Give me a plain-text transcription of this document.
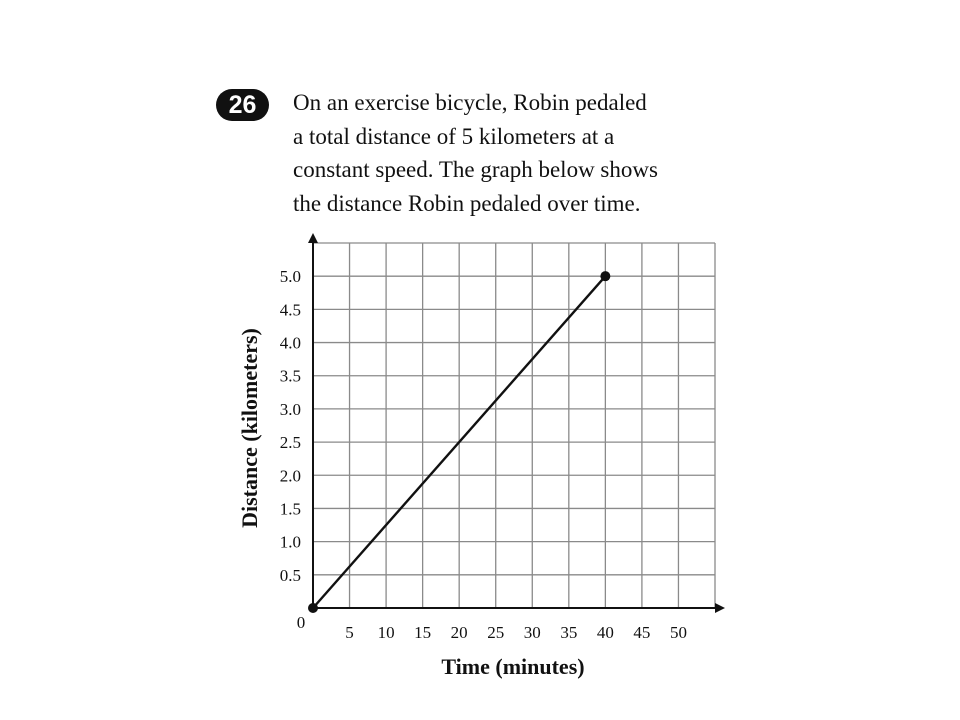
26	On an exercise bicycle, Robin pedaled
a total distance of 5 kilometers at a
constant speed. The graph below shows
the distance Robin pedaled over time.
0
5 10 15 20 25 30 35 40 45 50
0.5
1.0
1.5
2.0
2.5
3.0
3.5
4.0
4.5
5.0
Time (minutes)
Distance (kilometers)
